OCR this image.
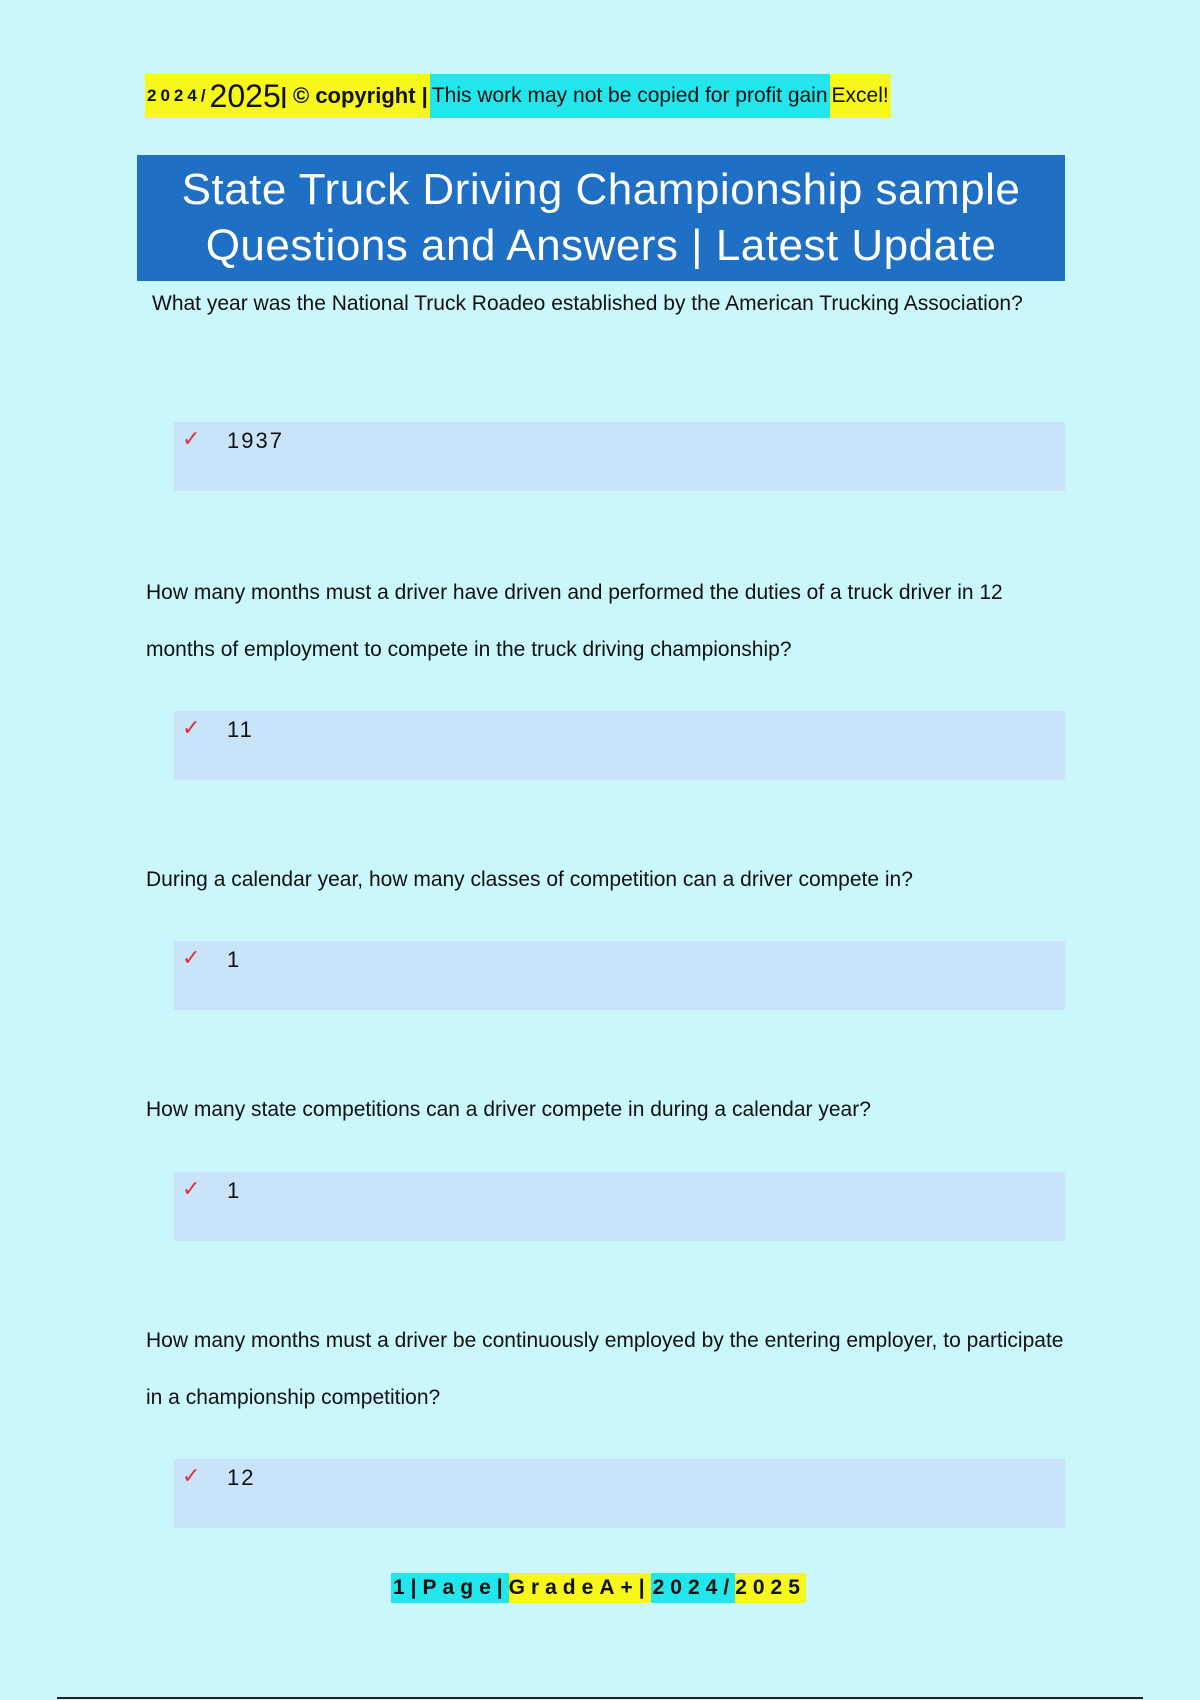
2024/ 2025 | © copyright | This work may not be copied for profit gain Excel!
State Truck Driving Championship sample
Questions and Answers | Latest Update
What year was the National Truck Roadeo established by the American Trucking Association?
✓ 1937
How many months must a driver have driven and performed the duties of a truck driver in 12 months of employment to compete in the truck driving championship?
✓ 11
During a calendar year, how many classes of competition can a driver compete in?
✓ 1
How many state competitions can a driver compete in during a calendar year?
✓ 1
How many months must a driver be continuously employed by the entering employer, to participate in a championship competition?
✓ 12
1|Page| GradeA+| 2024/ 2025
